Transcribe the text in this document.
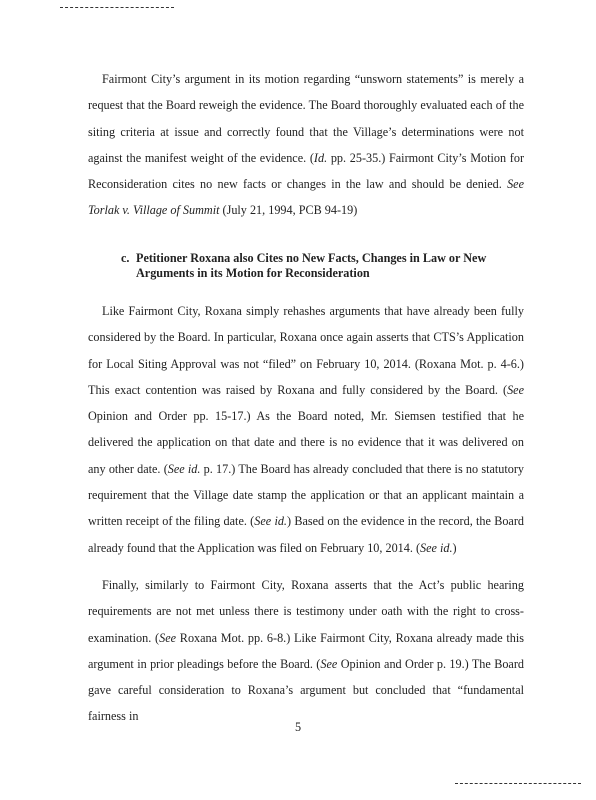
Fairmont City’s argument in its motion regarding “unsworn statements” is merely a request that the Board reweigh the evidence. The Board thoroughly evaluated each of the siting criteria at issue and correctly found that the Village’s determinations were not against the manifest weight of the evidence. (Id. pp. 25-35.) Fairmont City’s Motion for Reconsideration cites no new facts or changes in the law and should be denied. See Torlak v. Village of Summit (July 21, 1994, PCB 94-19)

c. Petitioner Roxana also Cites no New Facts, Changes in Law or New
Arguments in its Motion for Reconsideration

Like Fairmont City, Roxana simply rehashes arguments that have already been fully considered by the Board. In particular, Roxana once again asserts that CTS’s Application for Local Siting Approval was not “filed” on February 10, 2014. (Roxana Mot. p. 4-6.) This exact contention was raised by Roxana and fully considered by the Board. (See Opinion and Order pp. 15-17.) As the Board noted, Mr. Siemsen testified that he delivered the application on that date and there is no evidence that it was delivered on any other date. (See id. p. 17.) The Board has already concluded that there is no statutory requirement that the Village date stamp the application or that an applicant maintain a written receipt of the filing date. (See id.) Based on the evidence in the record, the Board already found that the Application was filed on February 10, 2014. (See id.)

Finally, similarly to Fairmont City, Roxana asserts that the Act’s public hearing requirements are not met unless there is testimony under oath with the right to cross-examination. (See Roxana Mot. pp. 6-8.) Like Fairmont City, Roxana already made this argument in prior pleadings before the Board. (See Opinion and Order p. 19.) The Board gave careful consideration to Roxana’s argument but concluded that “fundamental fairness in

5
